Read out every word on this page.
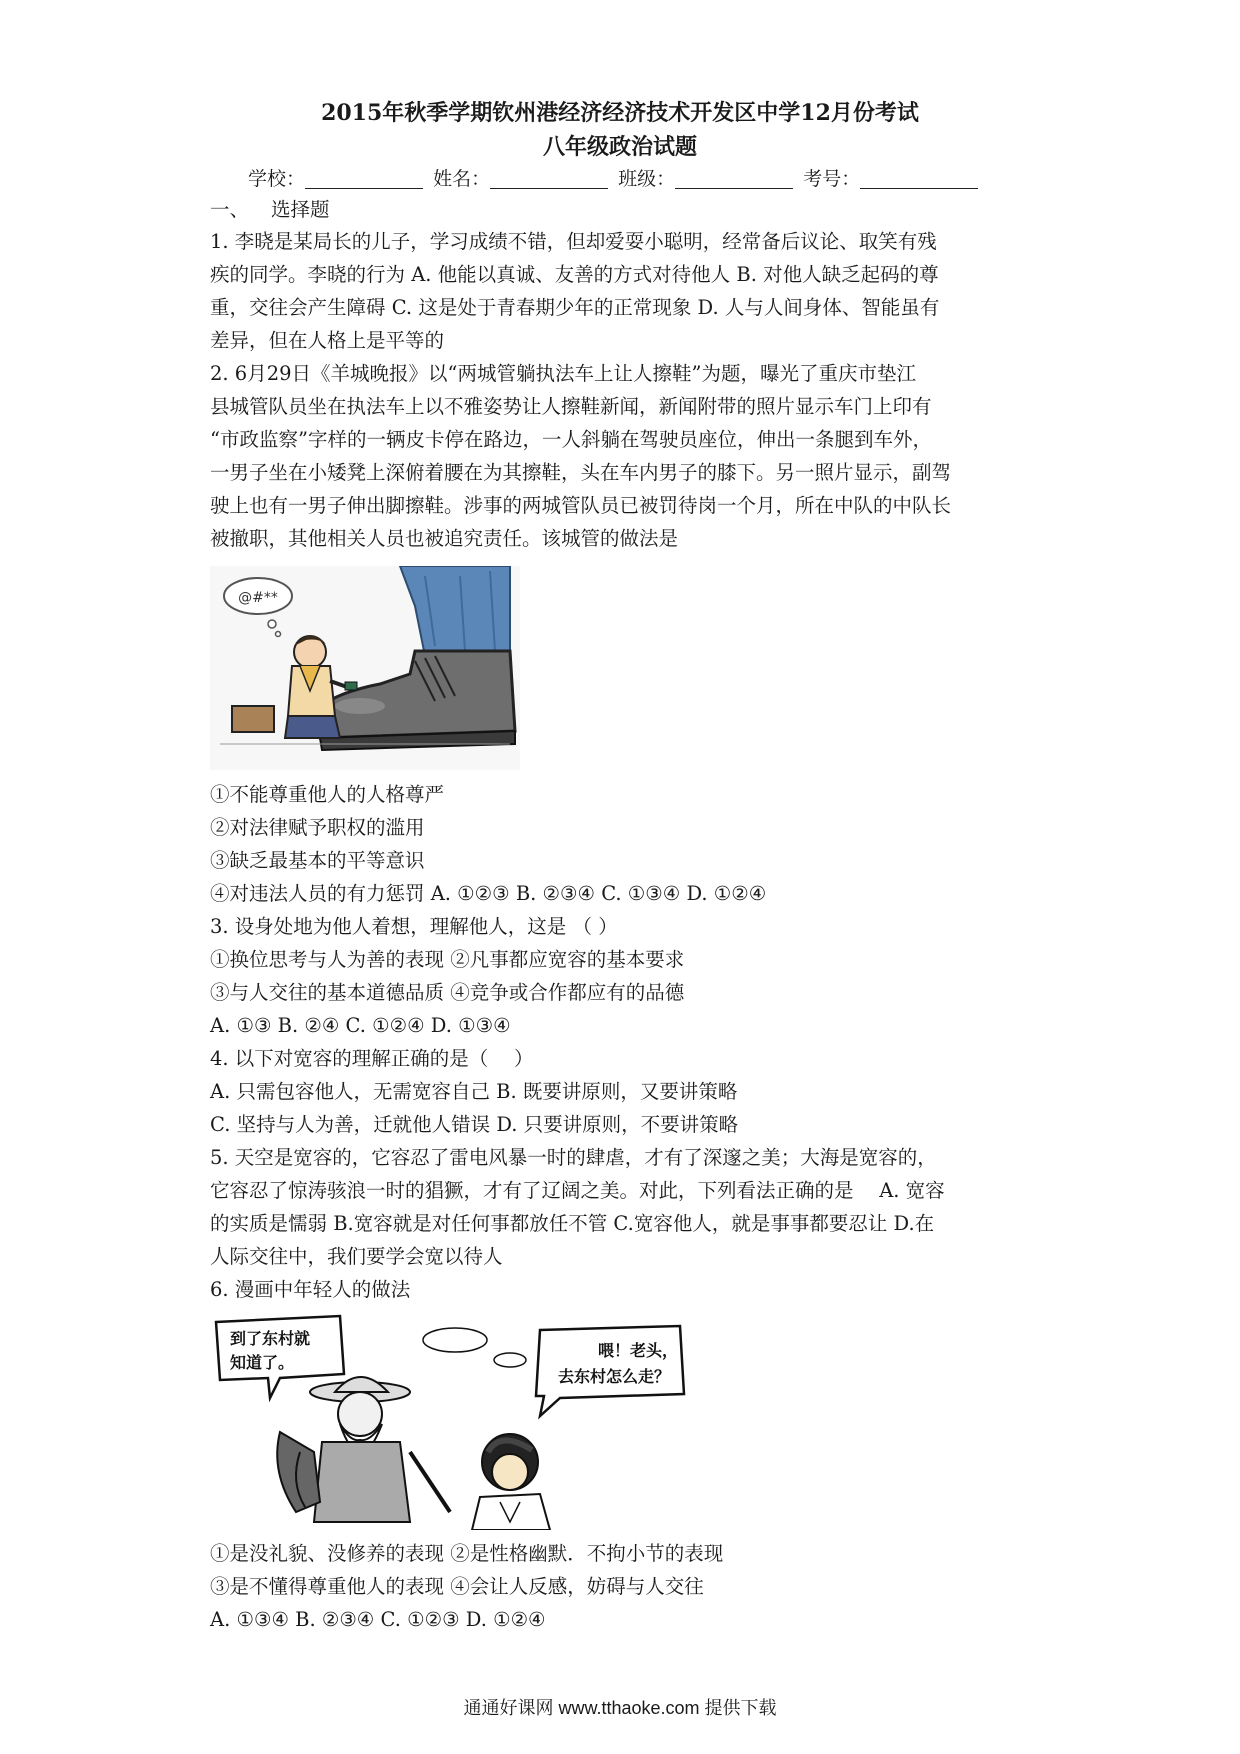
2015年秋季学期钦州港经济经济技术开发区中学12月份考试
八年级政治试题
学校：	姓名：	班级：	考号：
一、 选择题
1. 李晓是某局长的儿子，学习成绩不错，但却爱耍小聪明，经常备后议论、取笑有残
疾的同学。李晓的行为 A. 他能以真诚、友善的方式对待他人 B. 对他人缺乏起码的尊
重，交往会产生障碍 C. 这是处于青春期少年的正常现象 D. 人与人间身体、智能虽有
差异，但在人格上是平等的
2. 6月29日《羊城晚报》以“两城管躺执法车上让人擦鞋”为题，曝光了重庆市垫江
县城管队员坐在执法车上以不雅姿势让人擦鞋新闻，新闻附带的照片显示车门上印有
“市政监察”字样的一辆皮卡停在路边，一人斜躺在驾驶员座位，伸出一条腿到车外，
一男子坐在小矮凳上深俯着腰在为其擦鞋，头在车内男子的膝下。另一照片显示，副驾
驶上也有一男子伸出脚擦鞋。涉事的两城管队员已被罚待岗一个月，所在中队的中队长
被撤职，其他相关人员也被追究责任。该城管的做法是
@#**
①不能尊重他人的人格尊严
②对法律赋予职权的滥用
③缺乏最基本的平等意识
④对违法人员的有力惩罚 A. ①②③ B. ②③④ C. ①③④ D. ①②④
3. 设身处地为他人着想，理解他人，这是 （ ）
①换位思考与人为善的表现 ②凡事都应宽容的基本要求
③与人交往的基本道德品质 ④竞争或合作都应有的品德
A. ①③ B. ②④ C. ①②④ D. ①③④
4. 以下对宽容的理解正确的是（　 ）
A. 只需包容他人，无需宽容自己 B. 既要讲原则，又要讲策略
C. 坚持与人为善，迁就他人错误 D. 只要讲原则，不要讲策略
5. 天空是宽容的，它容忍了雷电风暴一时的肆虐，才有了深邃之美；大海是宽容的，
它容忍了惊涛骇浪一时的猖獗，才有了辽阔之美。对此，下列看法正确的是　 A. 宽容
的实质是懦弱 B.宽容就是对任何事都放任不管 C.宽容他人，就是事事都要忍让 D.在
人际交往中，我们要学会宽以待人
6. 漫画中年轻人的做法
到了东村就
知道了。
喂！老头，
去东村怎么走？
①是没礼貌、没修养的表现 ②是性格幽默．不拘小节的表现
③是不懂得尊重他人的表现 ④会让人反感，妨碍与人交往
A. ①③④ B. ②③④ C. ①②③ D. ①②④
通通好课网 www.tthaoke.com 提供下载
